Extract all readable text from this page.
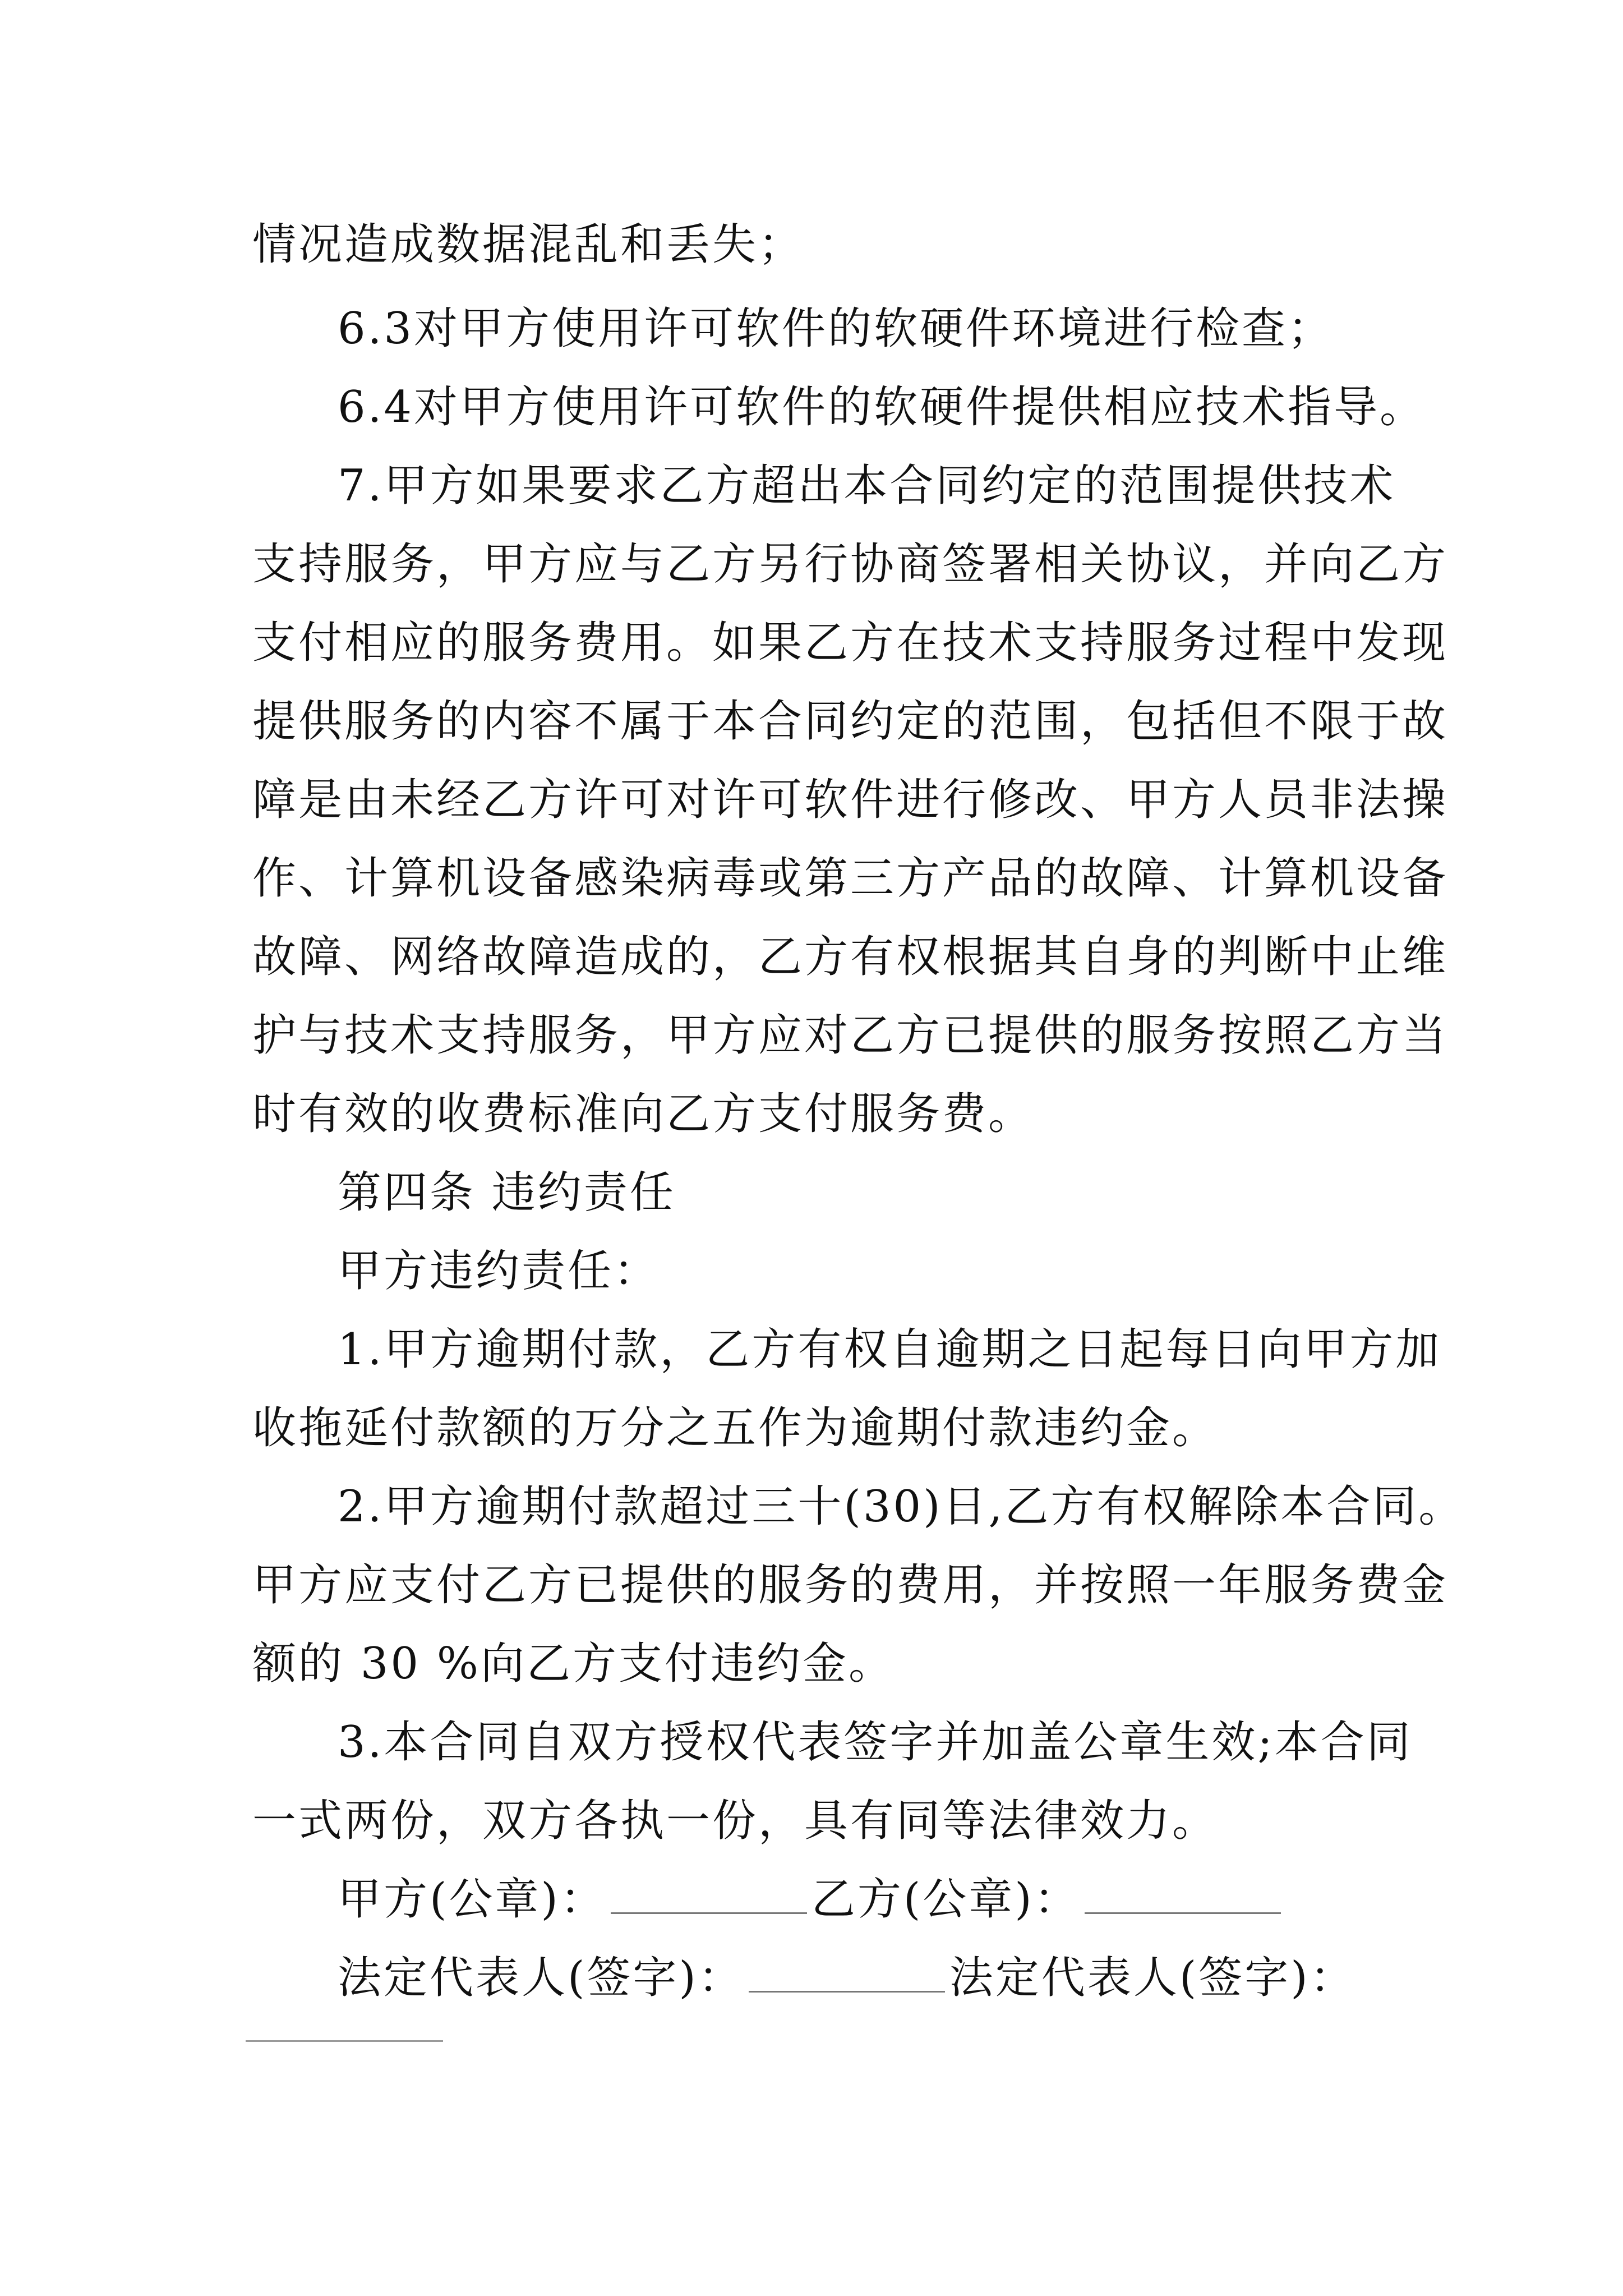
情况造成数据混乱和丢失；
6.3对甲方使用许可软件的软硬件环境进行检查；
6.4对甲方使用许可软件的软硬件提供相应技术指导。
7.甲方如果要求乙方超出本合同约定的范围提供技术
支持服务，甲方应与乙方另行协商签署相关协议，并向乙方
支付相应的服务费用。如果乙方在技术支持服务过程中发现
提供服务的内容不属于本合同约定的范围，包括但不限于故
障是由未经乙方许可对许可软件进行修改、甲方人员非法操
作、计算机设备感染病毒或第三方产品的故障、计算机设备
故障、网络故障造成的，乙方有权根据其自身的判断中止维
护与技术支持服务，甲方应对乙方已提供的服务按照乙方当
时有效的收费标准向乙方支付服务费。
第四条 违约责任
甲方违约责任：
1.甲方逾期付款，乙方有权自逾期之日起每日向甲方加
收拖延付款额的万分之五作为逾期付款违约金。
2.甲方逾期付款超过三十(30)日,乙方有权解除本合同。
甲方应支付乙方已提供的服务的费用，并按照一年服务费金
额的 30 %向乙方支付违约金。
3.本合同自双方授权代表签字并加盖公章生效;本合同
一式两份，双方各执一份，具有同等法律效力。
甲方(公章)：	乙方(公章)：
法定代表人(签字)：	法定代表人(签字)：
